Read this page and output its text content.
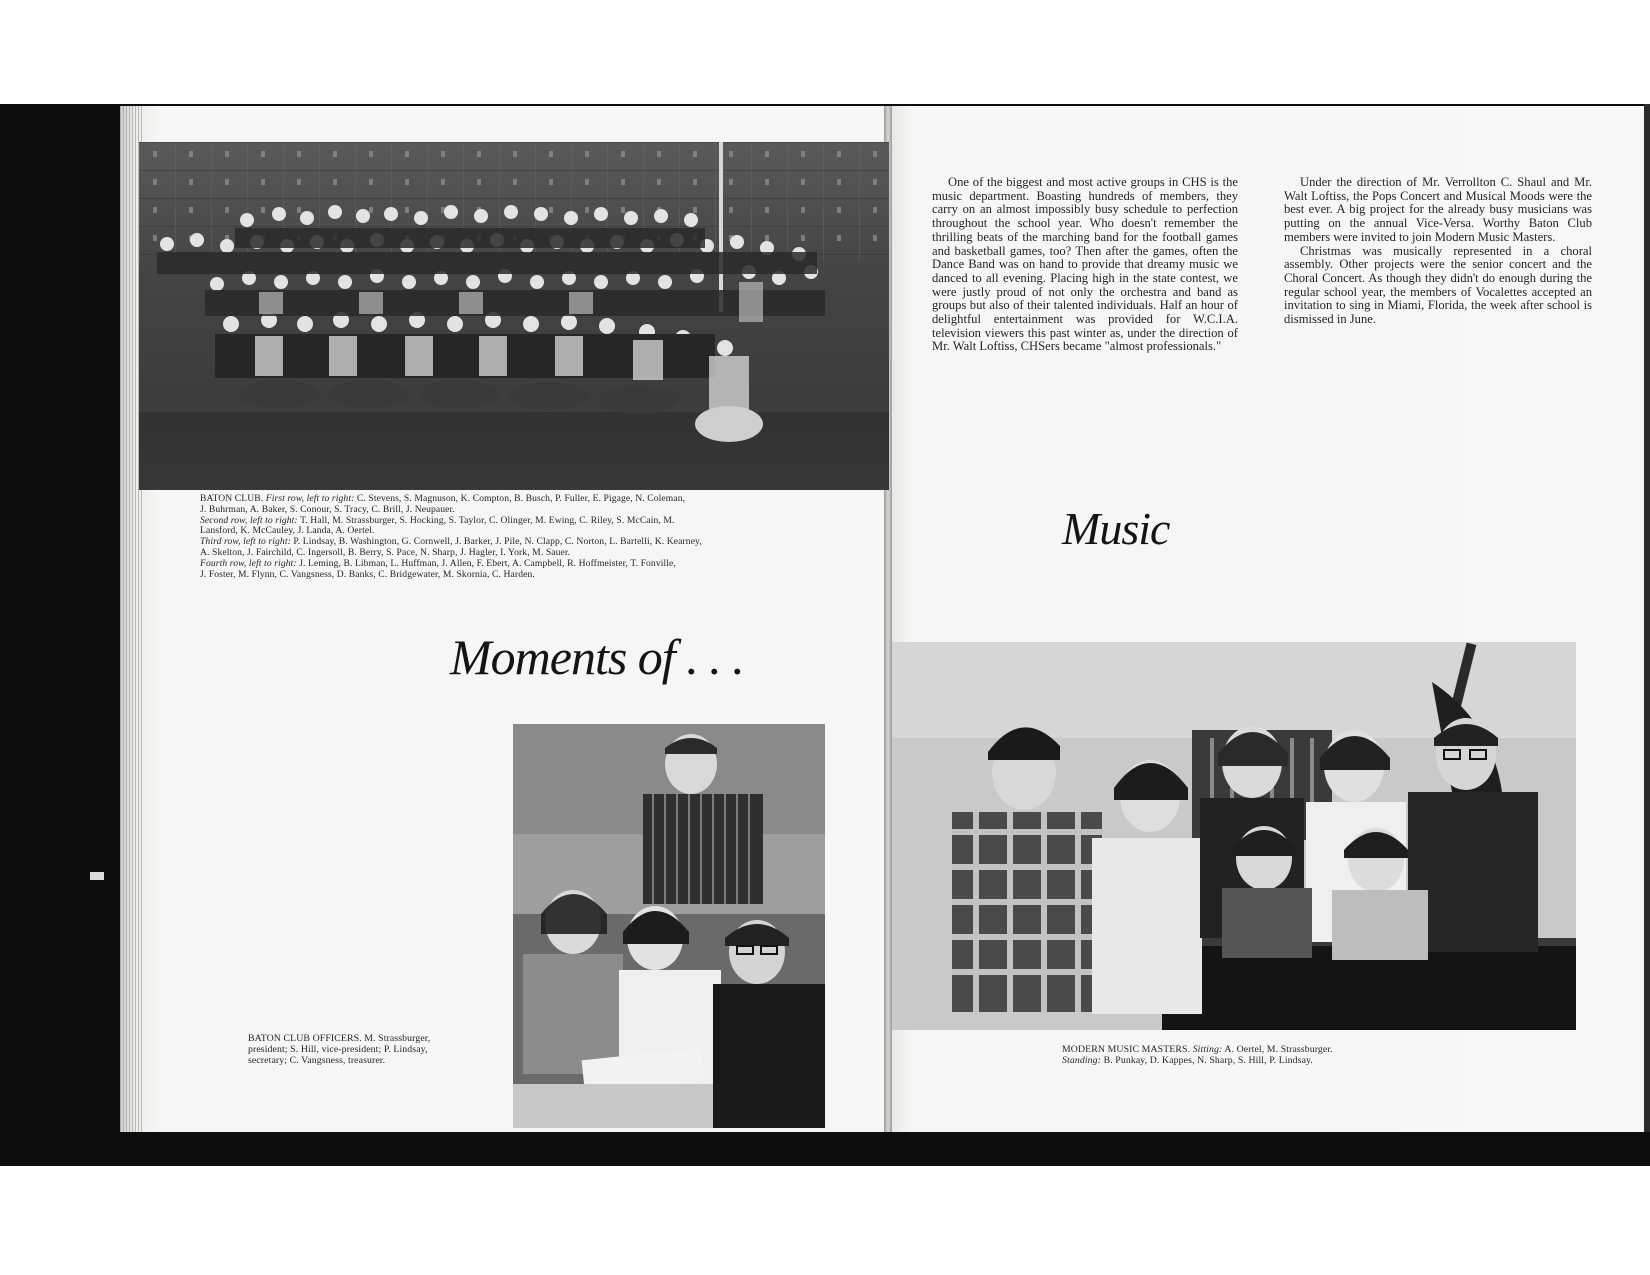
BATON CLUB. First row, left to right: C. Stevens, S. Magnuson, K. Compton, B. Busch, P. Fuller, E. Pigage, N. Coleman,
J. Buhrman, A. Baker, S. Conour, S. Tracy, C. Brill, J. Neupauer.
Second row, left to right: T. Hall, M. Strassburger, S. Hocking, S. Taylor, C. Olinger, M. Ewing, C. Riley, S. McCain, M.
Lansford, K. McCauley, J. Landa, A. Oertel.
Third row, left to right: P. Lindsay, B. Washington, G. Cornwell, J. Barker, J. Pile, N. Clapp, C. Norton, L. Bartelli, K. Kearney,
A. Skelton, J. Fairchild, C. Ingersoll, B. Berry, S. Pace, N. Sharp, J. Hagler, I. York, M. Sauer.
Fourth row, left to right: J. Leming, B. Libman, L. Huffman, J. Allen, F. Ebert, A. Campbell, R. Hoffmeister, T. Fonville,
J. Foster, M. Flynn, C. Vangsness, D. Banks, C. Bridgewater, M. Skornia, C. Harden.
Moments of . . .
BATON CLUB OFFICERS. M. Strassburger,
president; S. Hill, vice-president; P. Lindsay,
secretary; C. Vangsness, treasurer.

One of the biggest and most active groups in CHS is the music department. Boasting hundreds of members, they carry on an almost impossibly busy schedule to perfection throughout the school year. Who doesn't remember the thrilling beats of the marching band for the football games and basketball games, too? Then after the games, often the Dance Band was on hand to provide that dreamy music we danced to all evening. Placing high in the state contest, we were justly proud of not only the orchestra and band as groups but also of their talented individuals. Half an hour of delightful entertainment was provided for W.C.I.A. television viewers this past winter as, under the direction of Mr. Walt Loftiss, CHSers became "almost professionals."

Under the direction of Mr. Verrollton C. Shaul and Mr. Walt Loftiss, the Pops Concert and Musical Moods were the best ever. A big project for the already busy musicians was putting on the annual Vice-Versa. Worthy Baton Club members were invited to join Modern Music Masters.

Christmas was musically represented in a choral assembly. Other projects were the senior concert and the Choral Concert. As though they didn't do enough during the regular school year, the members of Vocalettes accepted an invitation to sing in Miami, Florida, the week after school is dismissed in June.

Music
MODERN MUSIC MASTERS. Sitting: A. Oertel, M. Strassburger.
Standing: B. Punkay, D. Kappes, N. Sharp, S. Hill, P. Lindsay.
